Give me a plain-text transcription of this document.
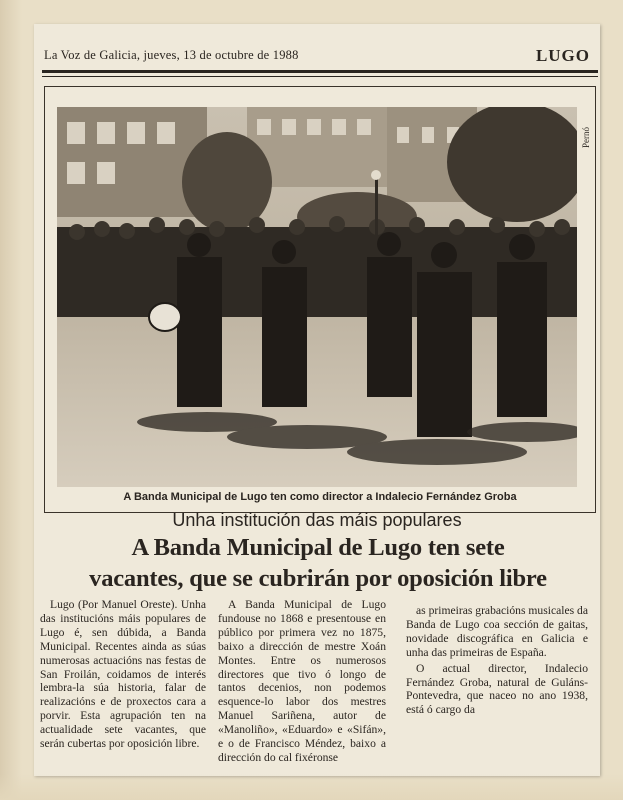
La Voz de Galicia, jueves, 13 de octubre de 1988	LUGO
Pernó
A Banda Municipal de Lugo ten como director a Indalecio Fernández Groba
Unha institución das máis populares
A Banda Municipal de Lugo ten sete
vacantes, que se cubrirán por oposición libre

Lugo (Por Manuel Oreste). Unha das institucións máis populares de Lugo é, sen dúbida, a Banda Municipal. Recentes ainda as súas numerosas actuacións nas festas de San Froilán, coidamos de interés lembra-la súa historia, falar de realizacións e de proxectos cara a porvir. Esta agrupación ten na actualidade sete vacantes, que serán cubertas por oposición libre.

A Banda Municipal de Lugo fundouse no 1868 e presentouse en público por primera vez no 1875, baixo a dirección de mestre Xoán Montes. Entre os numerosos directores que tivo ó longo de tantos decenios, non podemos esquence-lo labor dos mestres Manuel Sariñena, autor de «Manoliño», «Eduardo» e «Sifán», e o de Francisco Méndez, baixo a dirección do cal fixéronse

as primeiras grabacións musicales da Banda de Lugo coa sección de gaitas, novidade discográfica en Galicia e unha das primeiras de España.

O actual director, Indalecio Fernández Groba, natural de Guláns-Pontevedra, que naceo no ano 1938, está ó cargo da
